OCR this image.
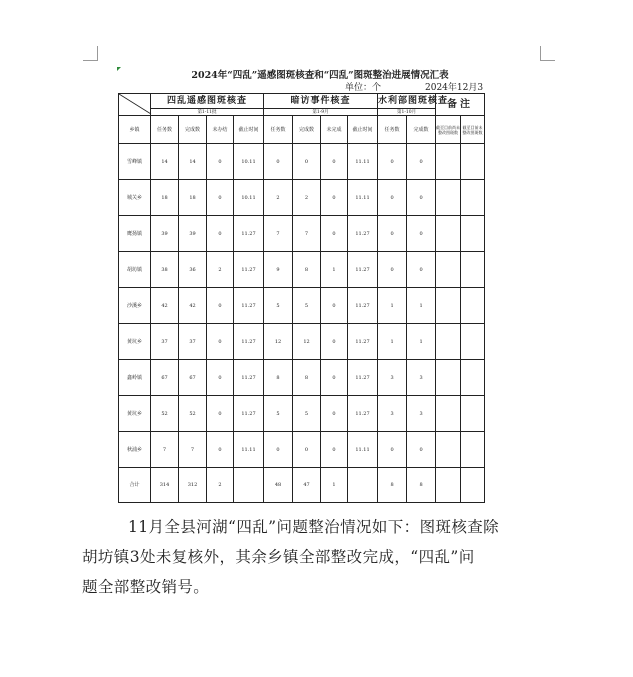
2024年“四乱”遥感图斑核查和“四乱”图斑整治进展情况汇表
单位：个	2024年12月3
	四乱遥感图斑核查				暗访事件核查				水利部图斑核查		备注	
	第1-11批				第1-9月				第1-10月			
乡镇	任务数	完成数	未办结	截止时间	任务数	完成数	未完成	截止时间	任务数	完成数	截至目前尚未整改图斑数	截至目前未整改图斑数
雪峰镇	14	14	0	10.11	0	0	0	11.11	0	0		
城关乡	18	18	0	10.11	2	2	0	11.11	0	0		
鹰扬镇	39	39	0	11.27	7	7	0	11.27	0	0		
胡坊镇	38	36	2	11.27	9	8	1	11.27	0	0		
沙溪乡	42	42	0	11.27	5	5	0	11.27	1	1		
黄坑乡	37	37	0	11.27	12	12	0	11.27	1	1		
鑫岭镇	67	67	0	11.27	8	8	0	11.27	3	3		
黄坑乡	52	52	0	11.27	5	5	0	11.27	3	3		
秋浦乡	7	7	0	11.11	0	0	0	11.11	0	0		
合计	314	312	2		48	47	1		8	8		
11月全县河湖“四乱”问题整治情况如下：图斑核查除
胡坊镇3处未复核外，其余乡镇全部整改完成，“四乱”问
题全部整改销号。
